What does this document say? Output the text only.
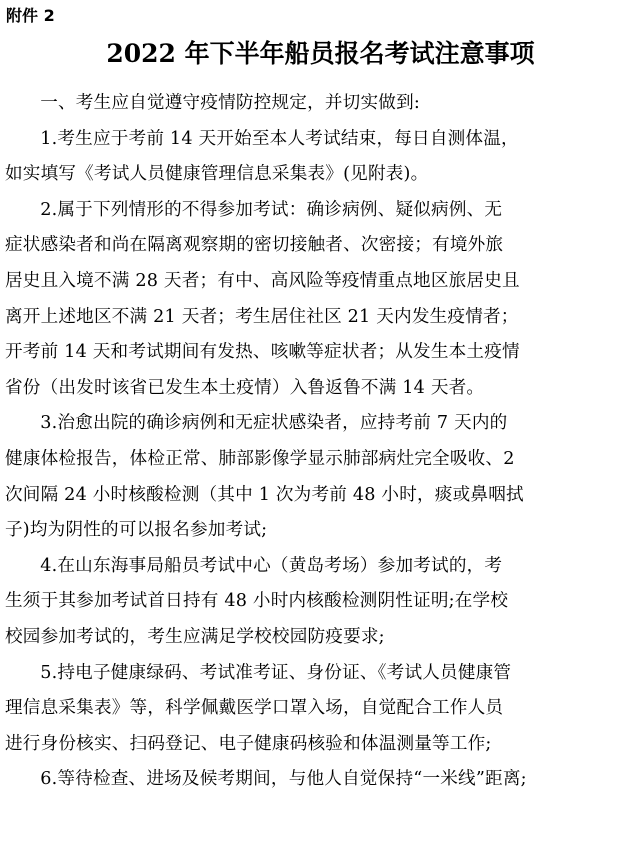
附件 2
2022 年下半年船员报名考试注意事项

一、考生应自觉遵守疫情防控规定，并切实做到:

1.考生应于考前 14 天开始至本人考试结束，每日自测体温，
如实填写《考试人员健康管理信息采集表》(见附表)。

2.属于下列情形的不得参加考试：确诊病例、疑似病例、无
症状感染者和尚在隔离观察期的密切接触者、次密接；有境外旅
居史且入境不满 28 天者；有中、高风险等疫情重点地区旅居史且
离开上述地区不满 21 天者；考生居住社区 21 天内发生疫情者；
开考前 14 天和考试期间有发热、咳嗽等症状者；从发生本土疫情
省份（出发时该省已发生本土疫情）入鲁返鲁不满 14 天者。

3.治愈出院的确诊病例和无症状感染者，应持考前 7 天内的
健康体检报告，体检正常、肺部影像学显示肺部病灶完全吸收、2
次间隔 24 小时核酸检测（其中 1 次为考前 48 小时，痰或鼻咽拭
子)均为阴性的可以报名参加考试;

4.在山东海事局船员考试中心（黄岛考场）参加考试的，考
生须于其参加考试首日持有 48 小时内核酸检测阴性证明;在学校
校园参加考试的，考生应满足学校校园防疫要求;

5.持电子健康绿码、考试准考证、身份证、《考试人员健康管
理信息采集表》等，科学佩戴医学口罩入场，自觉配合工作人员
进行身份核实、扫码登记、电子健康码核验和体温测量等工作;

6.等待检查、进场及候考期间，与他人自觉保持“一米线”距离;
